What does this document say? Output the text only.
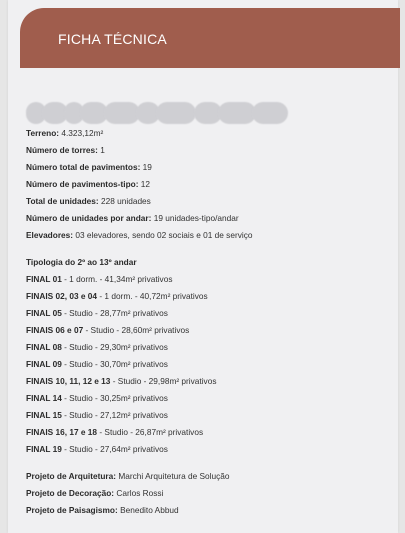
FICHA TÉCNICA
Terreno: 4.323,12m²
Número de torres: 1
Número total de pavimentos: 19
Número de pavimentos-tipo: 12
Total de unidades: 228 unidades
Número de unidades por andar: 19 unidades-tipo/andar
Elevadores: 03 elevadores, sendo 02 sociais e 01 de serviço
Tipologia do 2º ao 13º andar
FINAL 01 - 1 dorm. - 41,34m² privativos
FINAIS 02, 03 e 04 - 1 dorm. - 40,72m² privativos
FINAL 05 - Studio - 28,77m² privativos
FINAIS 06 e 07 - Studio - 28,60m² privativos
FINAL 08 - Studio - 29,30m² privativos
FINAL 09 - Studio - 30,70m² privativos
FINAIS 10, 11, 12 e 13 - Studio - 29,98m² privativos
FINAL 14 - Studio - 30,25m² privativos
FINAL 15 - Studio - 27,12m² privativos
FINAIS 16, 17 e 18 - Studio - 26,87m² privativos
FINAL 19 - Studio - 27,64m² privativos
Projeto de Arquitetura: Marchi Arquitetura de Solução
Projeto de Decoração: Carlos Rossi
Projeto de Paisagismo: Benedito Abbud
